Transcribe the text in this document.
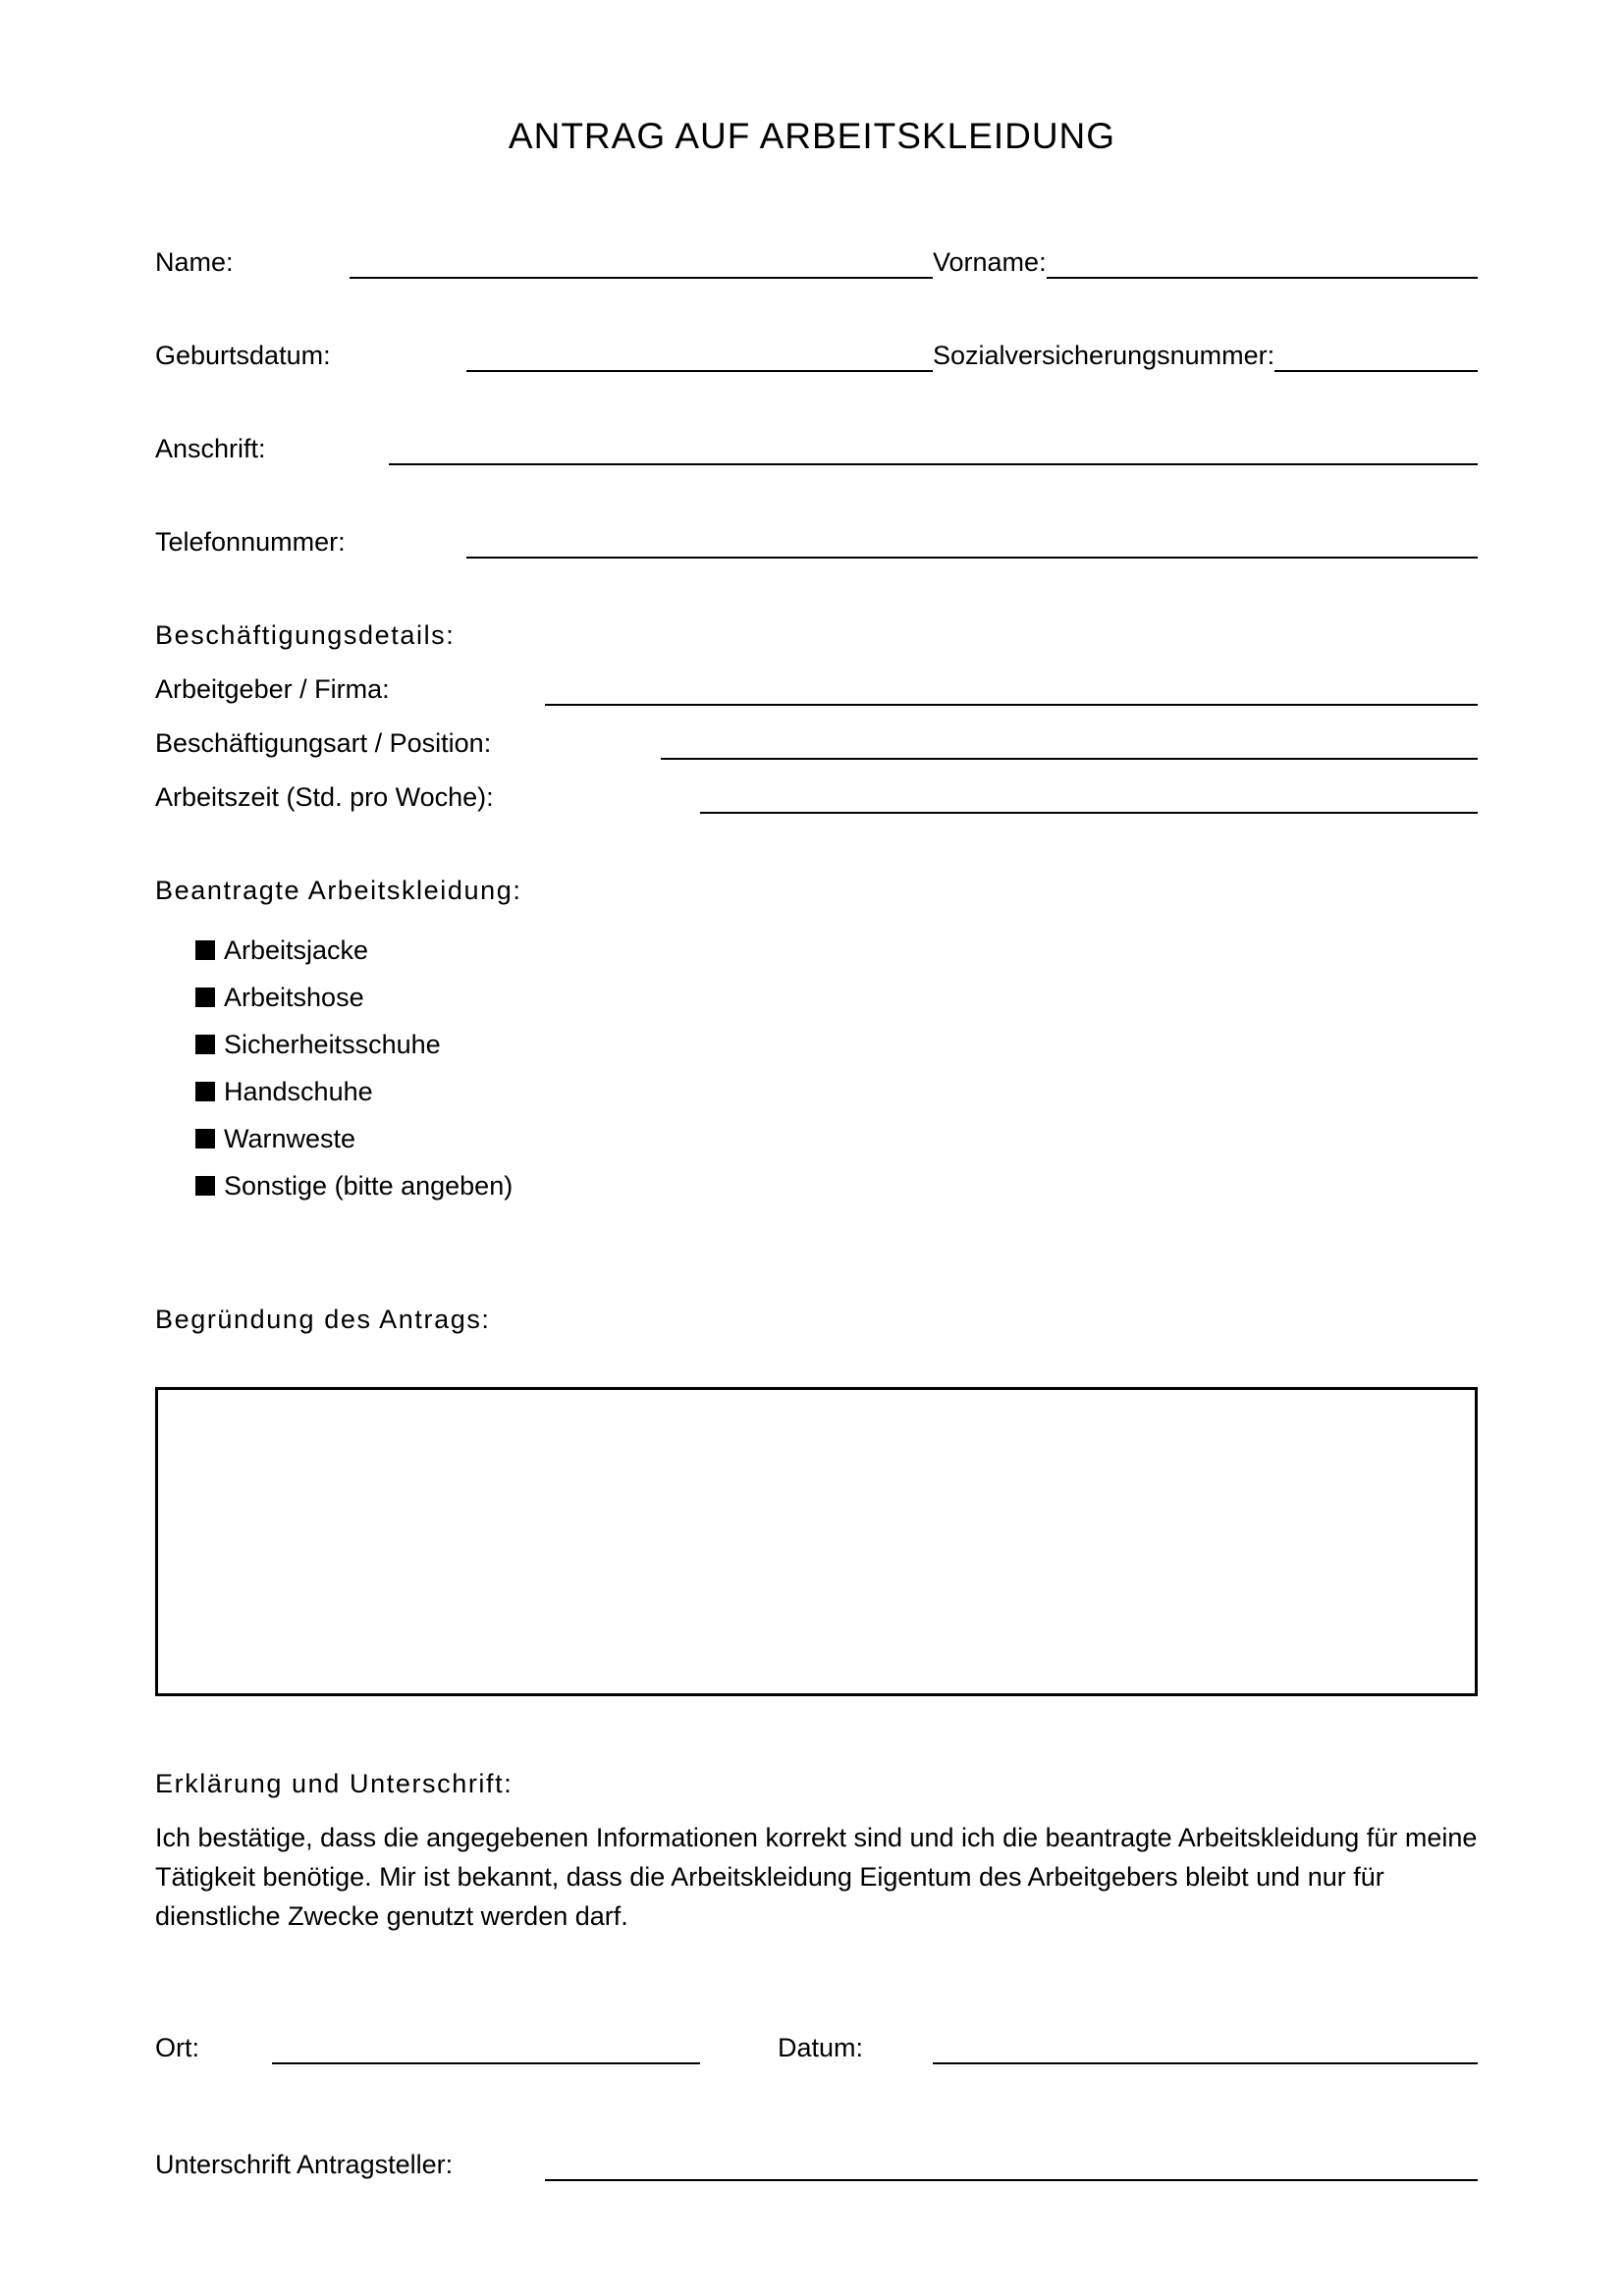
ANTRAG AUF ARBEITSKLEIDUNG
Name:	Vorname:
Geburtsdatum:	Sozialversicherungsnummer:
Anschrift:
Telefonnummer:
Beschäftigungsdetails:
Arbeitgeber / Firma:
Beschäftigungsart / Position:
Arbeitszeit (Std. pro Woche):
Beantragte Arbeitskleidung:
Arbeitsjacke
Arbeitshose
Sicherheitsschuhe
Handschuhe
Warnweste
Sonstige (bitte angeben)
Begründung des Antrags:
Erklärung und Unterschrift:
Ich bestätige, dass die angegebenen Informationen korrekt sind und ich die beantragte Arbeitskleidung für meine Tätigkeit benötige. Mir ist bekannt, dass die Arbeitskleidung Eigentum des Arbeitgebers bleibt und nur für dienstliche Zwecke genutzt werden darf.
Ort:	Datum:
Unterschrift Antragsteller:
